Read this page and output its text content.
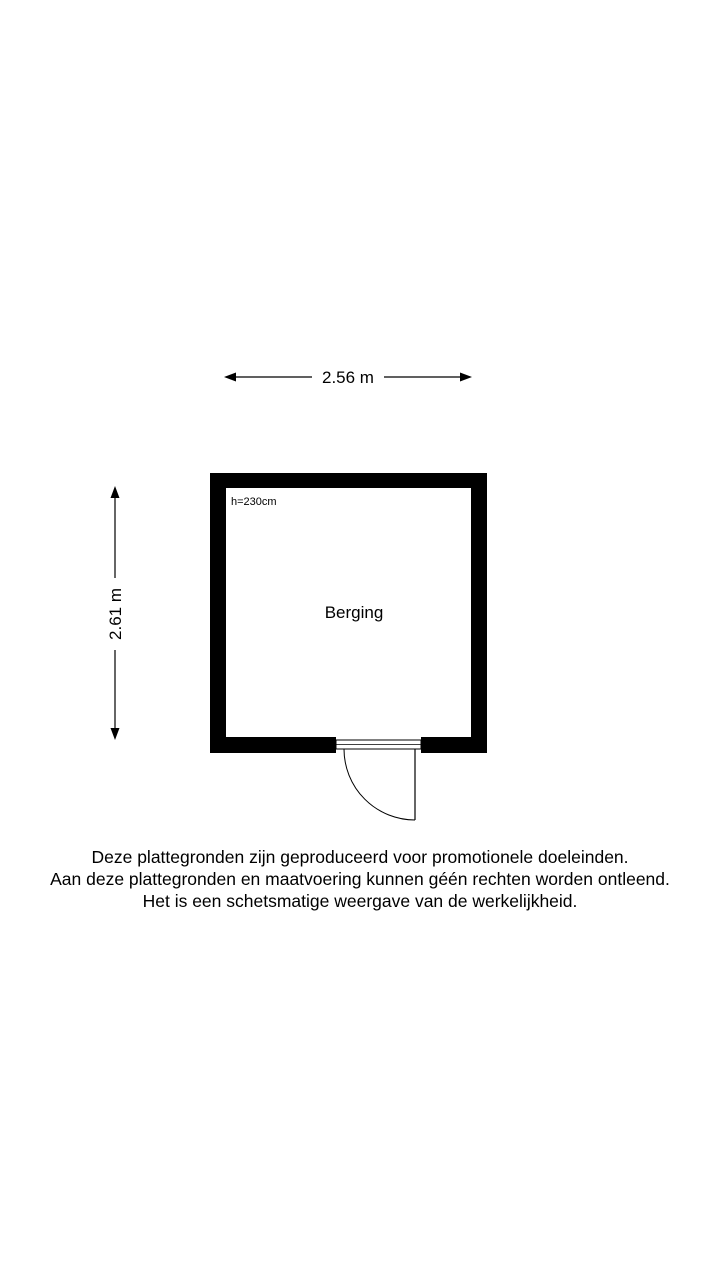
2.56 m
2.61 m
h=230cm
Berging
Deze plattegronden zijn geproduceerd voor promotionele doeleinden.
Aan deze plattegronden en maatvoering kunnen géén rechten worden ontleend.
Het is een schetsmatige weergave van de werkelijkheid.
